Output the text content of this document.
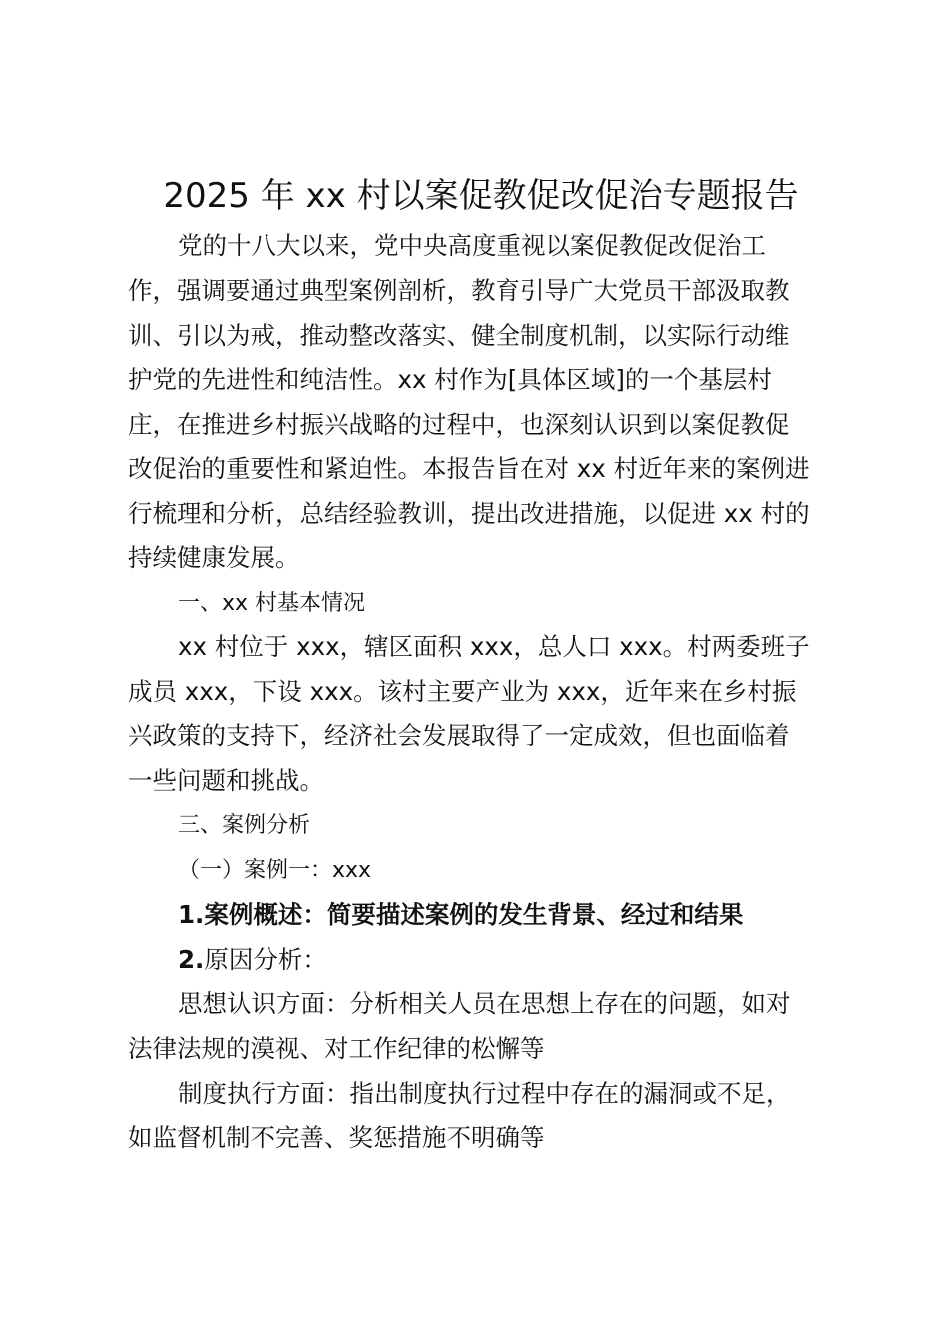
2025 年 xx 村以案促教促改促治专题报告
党的十八大以来，党中央高度重视以案促教促改促治工
作，强调要通过典型案例剖析，教育引导广大党员干部汲取教
训、引以为戒，推动整改落实、健全制度机制，以实际行动维
护党的先进性和纯洁性。xx 村作为[具体区域]的一个基层村
庄，在推进乡村振兴战略的过程中，也深刻认识到以案促教促
改促治的重要性和紧迫性。本报告旨在对 xx 村近年来的案例进
行梳理和分析，总结经验教训，提出改进措施，以促进 xx 村的
持续健康发展。
一、xx 村基本情况
xx 村位于 xxx，辖区面积 xxx，总人口 xxx。村两委班子
成员 xxx，下设 xxx。该村主要产业为 xxx，近年来在乡村振
兴政策的支持下，经济社会发展取得了一定成效，但也面临着
一些问题和挑战。
三、案例分析
（一）案例一：xxx
1.案例概述：简要描述案例的发生背景、经过和结果
2.原因分析：
思想认识方面：分析相关人员在思想上存在的问题，如对
法律法规的漠视、对工作纪律的松懈等
制度执行方面：指出制度执行过程中存在的漏洞或不足，
如监督机制不完善、奖惩措施不明确等
